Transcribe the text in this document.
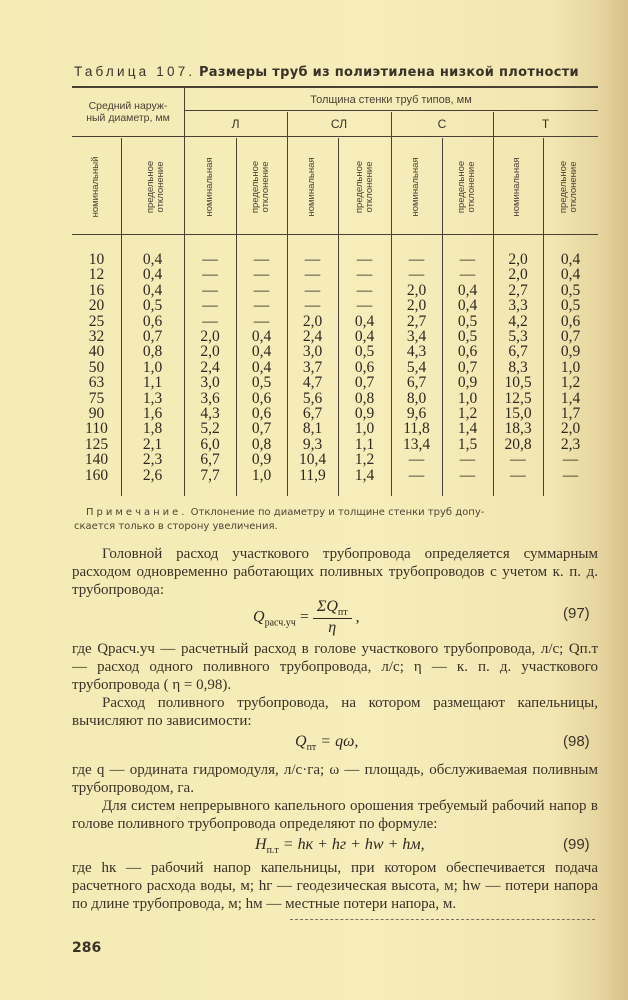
Таблица 107. Размеры труб из полиэтилена низкой плотности
Средний наруж-
ный диаметр, мм
Толщина стенки труб типов, мм
Л	СЛ	С	Т
номинальный	предельное отклонение	номинальная	предельное отклонение	номинальная	предельное отклонение	номинальная	предельное отклонение	номинальная	предельное отклонение
10	0,4	—	—	—	—	—	—	2,0	0,4
12	0,4	—	—	—	—	—	—	2,0	0,4
16	0,4	—	—	—	—	2,0	0,4	2,7	0,5
20	0,5	—	—	—	—	2,0	0,4	3,3	0,5
25	0,6	—	—	2,0	0,4	2,7	0,5	4,2	0,6
32	0,7	2,0	0,4	2,4	0,4	3,4	0,5	5,3	0,7
40	0,8	2,0	0,4	3,0	0,5	4,3	0,6	6,7	0,9
50	1,0	2,4	0,4	3,7	0,6	5,4	0,7	8,3	1,0
63	1,1	3,0	0,5	4,7	0,7	6,7	0,9	10,5	1,2
75	1,3	3,6	0,6	5,6	0,8	8,0	1,0	12,5	1,4
90	1,6	4,3	0,6	6,7	0,9	9,6	1,2	15,0	1,7
110	1,8	5,2	0,7	8,1	1,0	11,8	1,4	18,3	2,0
125	2,1	6,0	0,8	9,3	1,1	13,4	1,5	20,8	2,3
140	2,3	6,7	0,9	10,4	1,2	—	—	—	—
160	2,6	7,7	1,0	11,9	1,4	—	—	—	—
Примечание. Отклонение по диаметру и толщине стенки труб допу-
скается только в сторону увеличения.
Головной расход участкового трубопровода определяется суммарным расходом одновременно работающих поливных трубопроводов с учетом к. п. д. трубопровода:
$Q_{расч.уч} = \frac{\Sigma Q_{пт}}{\eta}$ ,	(97)
где Qрасч.уч — расчетный расход в голове участкового трубопровода, л/с; Qп.т — расход одного поливного трубопровода, л/с; η — к. п. д. участкового трубопровода ( η = 0,98).
Расход поливного трубопровода, на котором размещают капельницы, вычисляют по зависимости:
$Q_{пт} = q\omega$,	(98)
где q — ордината гидромодуля, л/с·га; ω — площадь, обслуживаемая поливным трубопроводом, га.
Для систем непрерывного капельного орошения требуемый рабочий напор в голове поливного трубопровода определяют по формуле:
$H_{п.т}$ = hк + hг + hw + hм,	(99)
где hк — рабочий напор капельницы, при котором обеспечивается подача расчетного расхода воды, м; hг — геодезическая высота, м; hw — потери напора по длине трубопровода, м; hм — местные потери напора, м.
286
